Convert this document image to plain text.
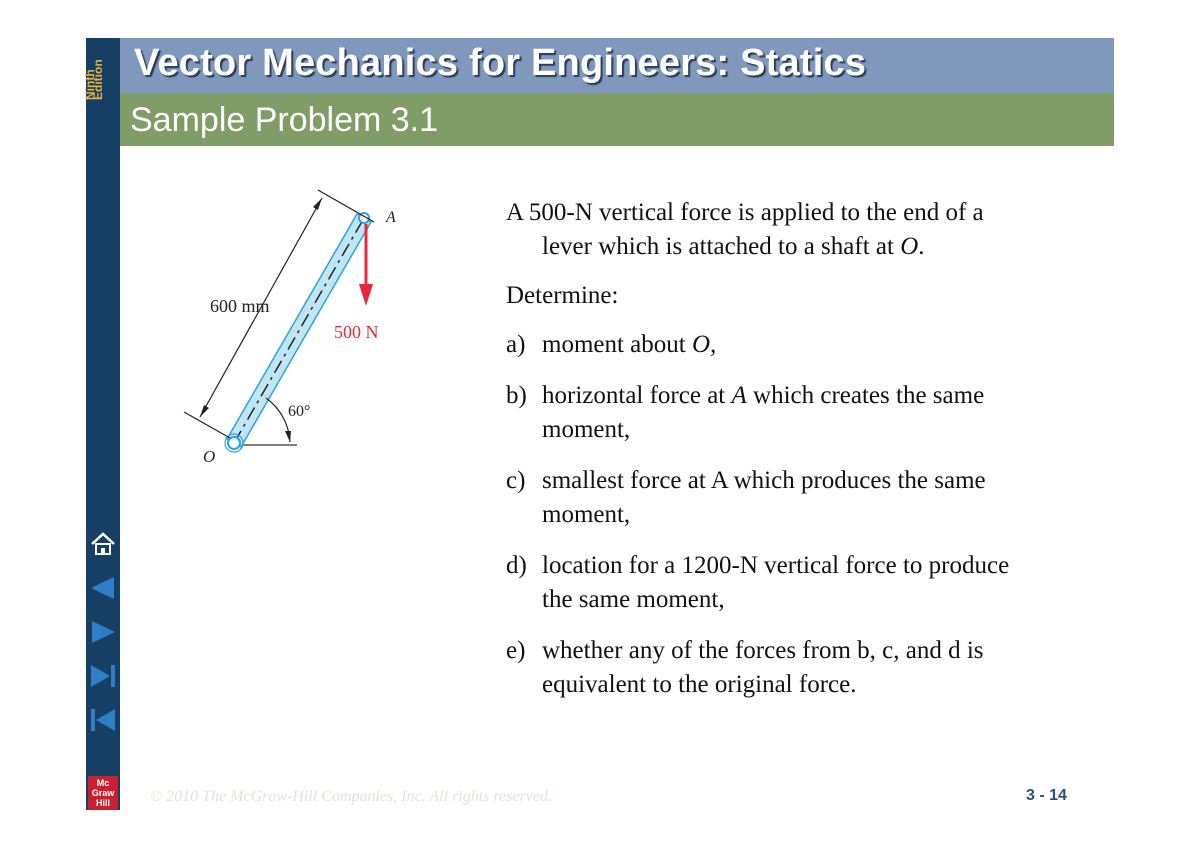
Ninth
Edition Vector Mechanics for Engineers: Statics
Sample Problem 3.1
A
O
600 mm
500 N
60°

A 500-N vertical force is applied to the end of a
lever which is attached to a shaft at O.

Determine:

a) moment about O,
b) horizontal force at A which creates the same
moment,
c) smallest force at A which produces the same
moment,
d) location for a 1200-N vertical force to produce
the same moment,
e) whether any of the forces from b, c, and d is
equivalent to the original force.
Mc
Graw
Hill	© 2010 The McGraw-Hill Companies, Inc. All rights reserved.	3 - 14
